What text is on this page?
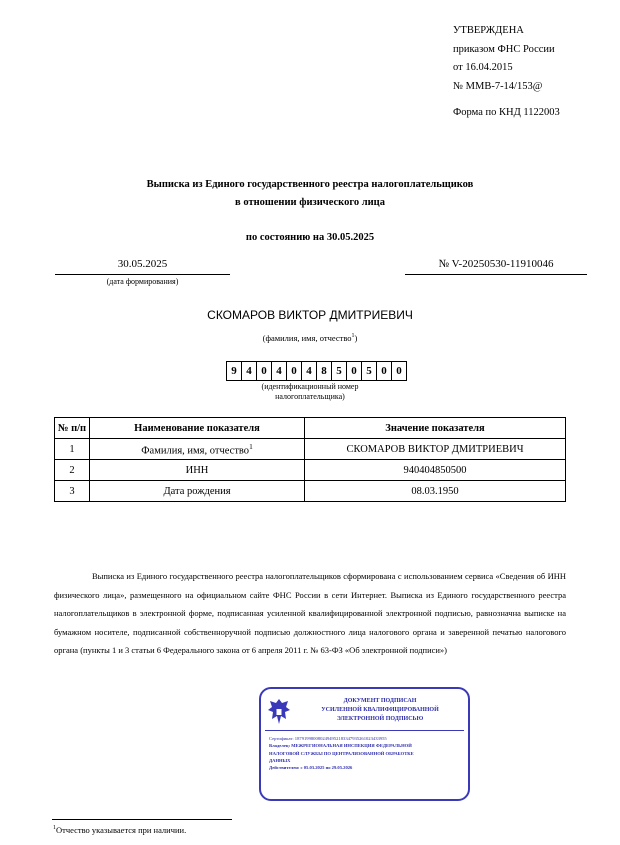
УТВЕРЖДЕНА
приказом ФНС России
от 16.04.2015
№ ММВ-7-14/153@
Форма по КНД 1122003
Выписка из Единого государственного реестра налогоплательщиков
в отношении физического лица
по состоянию на 30.05.2025
30.05.2025
(дата формирования)
№ V-20250530-11910046
СКОМАРОВ ВИКТОР ДМИТРИЕВИЧ
(фамилия, имя, отчество$^1$)
9 4 0 4 0 4 8 5 0 5 0 0
(идентификационный номер
налогоплательщика)
№ п/п	Наименование показателя	Значение показателя
1	Фамилия, имя, отчество$^1$	СКОМАРОВ ВИКТОР ДМИТРИЕВИЧ
2	ИНН	940404850500
3	Дата рождения	08.03.1950
Выписка из Единого государственного реестра налогоплательщиков сформирована с использованием сервиса «Сведения об ИНН физического лица», размещенного на официальном сайте ФНС России в сети Интернет. Выписка из Единого государственного реестра налогоплательщиков в электронной форме, подписанная усиленной квалифицированной электронной подписью, равнозначна выписке на бумажном носителе, подписанной собственноручной подписью должностного лица налогового органа и заверенной печатью налогового органа (пункты 1 и 3 статьи 6 Федерального закона от 6 апреля 2011 г. № 63-ФЗ «Об электронной подписи»)
ДОКУМЕНТ ПОДПИСАН
УСИЛЕННОЙ КВАЛИФИЦИРОВАННОЙ
ЭЛЕКТРОННОЙ ПОДПИСЬЮ
Сертификат: 1879199800802494952183347935261023433955
Владелец: МЕЖРЕГИОНАЛЬНАЯ ИНСПЕКЦИЯ ФЕДЕРАЛЬНОЙ
НАЛОГОВОЙ СЛУЖБЫ ПО ЦЕНТРАЛИЗОВАННОЙ ОБРАБОТКЕ
ДАННЫХ
Действителен: с 05.03.2025 по 29.05.2026
$^1$Отчество указывается при наличии.
